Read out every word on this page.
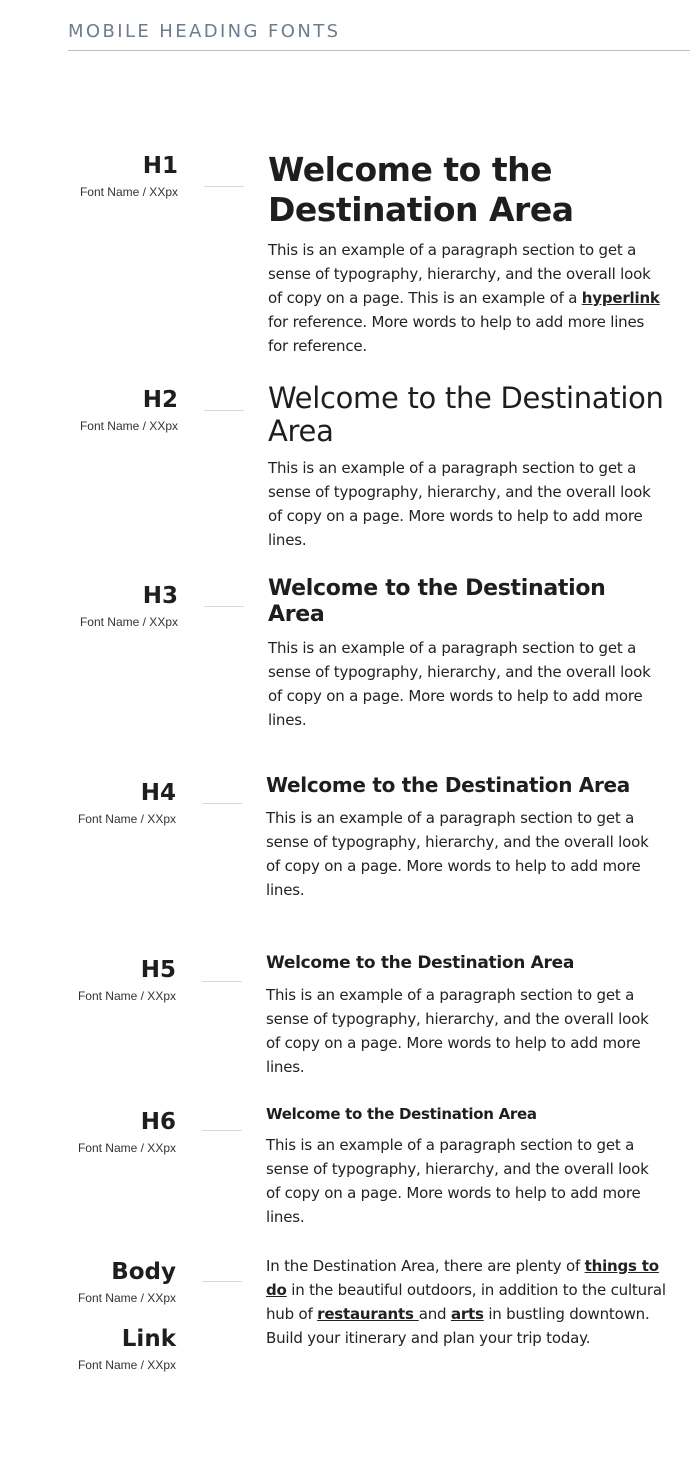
MOBILE HEADING FONTS
H1
Font Name / XXpx
Welcome to the Destination Area

This is an example of a paragraph section to get a sense of typography, hierarchy, and the overall look of copy on a page. This is an example of a hyperlink for reference. More words to help to add more lines for reference.

H2
Font Name / XXpx
Welcome to the Destination Area

This is an example of a paragraph section to get a sense of typography, hierarchy, and the overall look of copy on a page. More words to help to add more lines.

H3
Font Name / XXpx
Welcome to the Destination Area

This is an example of a paragraph section to get a sense of typography, hierarchy, and the overall look of copy on a page. More words to help to add more lines.

H4
Font Name / XXpx
Welcome to the Destination Area

This is an example of a paragraph section to get a sense of typography, hierarchy, and the overall look of copy on a page. More words to help to add more lines.

H5
Font Name / XXpx
Welcome to the Destination Area

This is an example of a paragraph section to get a sense of typography, hierarchy, and the overall look of copy on a page. More words to help to add more lines.

H6
Font Name / XXpx
Welcome to the Destination Area

This is an example of a paragraph section to get a sense of typography, hierarchy, and the overall look of copy on a page. More words to help to add more lines.

Body
Font Name / XXpx
Link
Font Name / XXpx

In the Destination Area, there are plenty of things to do in the beautiful outdoors, in addition to the cultural hub of restaurants and arts in bustling downtown. Build your itinerary and plan your trip today.
